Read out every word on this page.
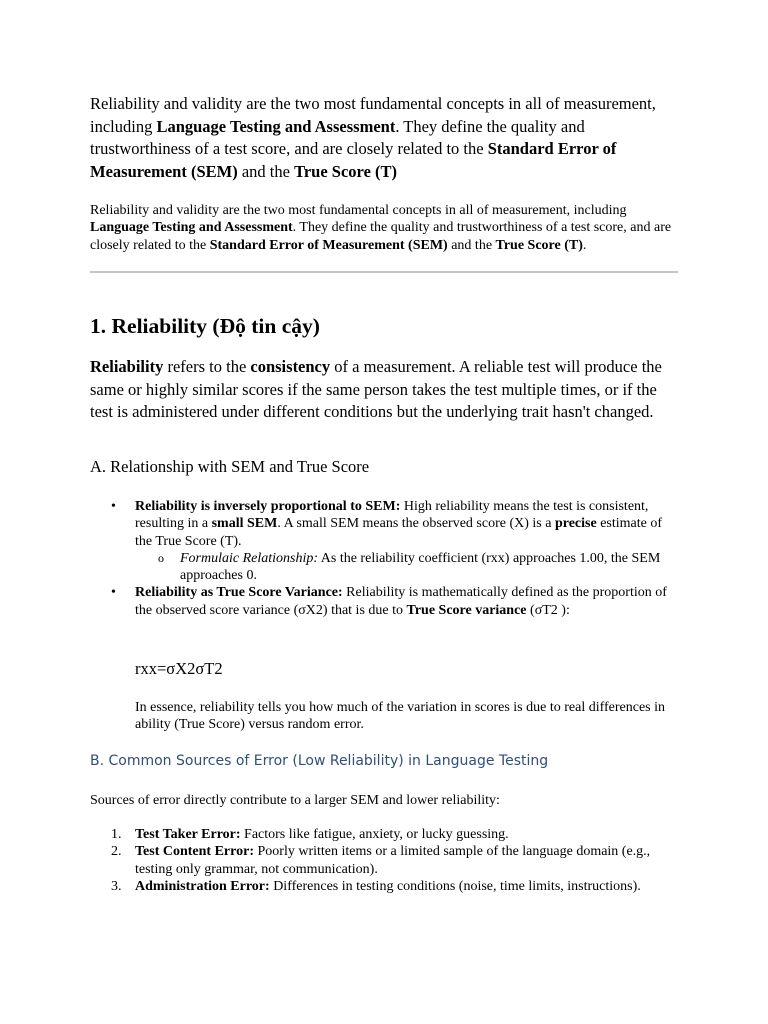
Reliability and validity are the two most fundamental concepts in all of measurement, including Language Testing and Assessment. They define the quality and trustworthiness of a test score, and are closely related to the Standard Error of Measurement (SEM) and the True Score (T)

Reliability and validity are the two most fundamental concepts in all of measurement, including Language Testing and Assessment. They define the quality and trustworthiness of a test score, and are closely related to the Standard Error of Measurement (SEM) and the True Score (T).

1. Reliability (Độ tin cậy)

Reliability refers to the consistency of a measurement. A reliable test will produce the same or highly similar scores if the same person takes the test multiple times, or if the test is administered under different conditions but the underlying trait hasn't changed.

A. Relationship with SEM and True Score
• Reliability is inversely proportional to SEM: High reliability means the test is consistent, resulting in a small SEM. A small SEM means the observed score (X) is a precise estimate of the True Score (T).
o Formulaic Relationship: As the reliability coefficient (rxx) approaches 1.00, the SEM approaches 0.
• Reliability as True Score Variance: Reliability is mathematically defined as the proportion of the observed score variance (σX2) that is due to True Score variance (σT2 ):

rxx=σX2σT2

In essence, reliability tells you how much of the variation in scores is due to real differences in ability (True Score) versus random error.

B. Common Sources of Error (Low Reliability) in Language Testing

Sources of error directly contribute to a larger SEM and lower reliability:

1. Test Taker Error: Factors like fatigue, anxiety, or lucky guessing.
2. Test Content Error: Poorly written items or a limited sample of the language domain (e.g., testing only grammar, not communication).
3. Administration Error: Differences in testing conditions (noise, time limits, instructions).
